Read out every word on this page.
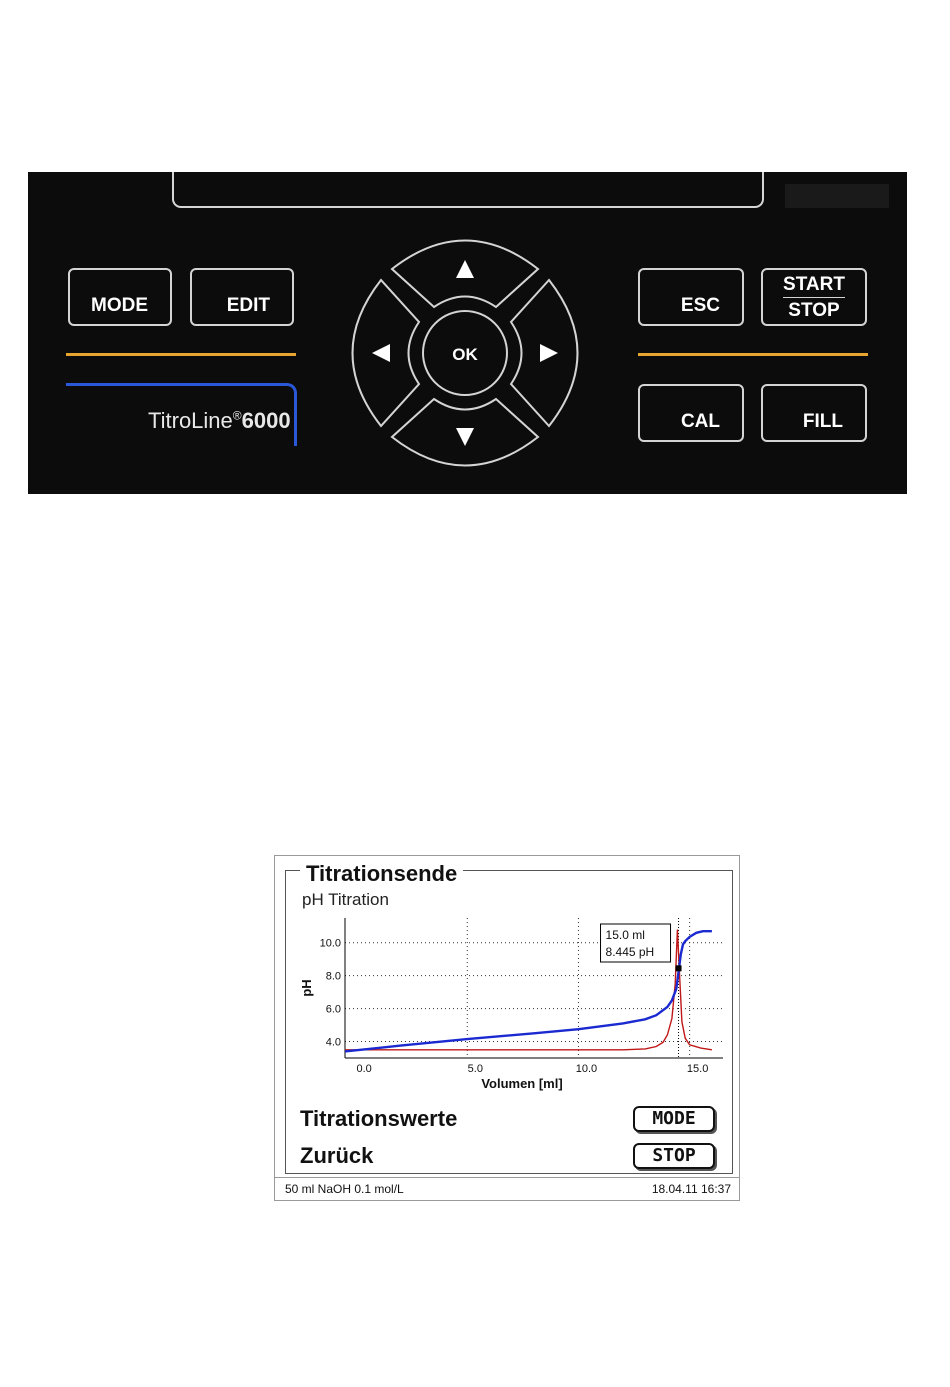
MODE	EDIT
TitroLine®6000
OK
ESC
START
STOP
CAL	FILL
Titrationsende
pH Titration
0.0	5.0	10.0	15.0
4.0
6.0
8.0
10.0
Volumen [ml]
pH
15.0 ml
8.445 pH
Titrationswerte	MODE
Zurück	STOP
50 ml NaOH 0.1 mol/L	18.04.11 16:37
